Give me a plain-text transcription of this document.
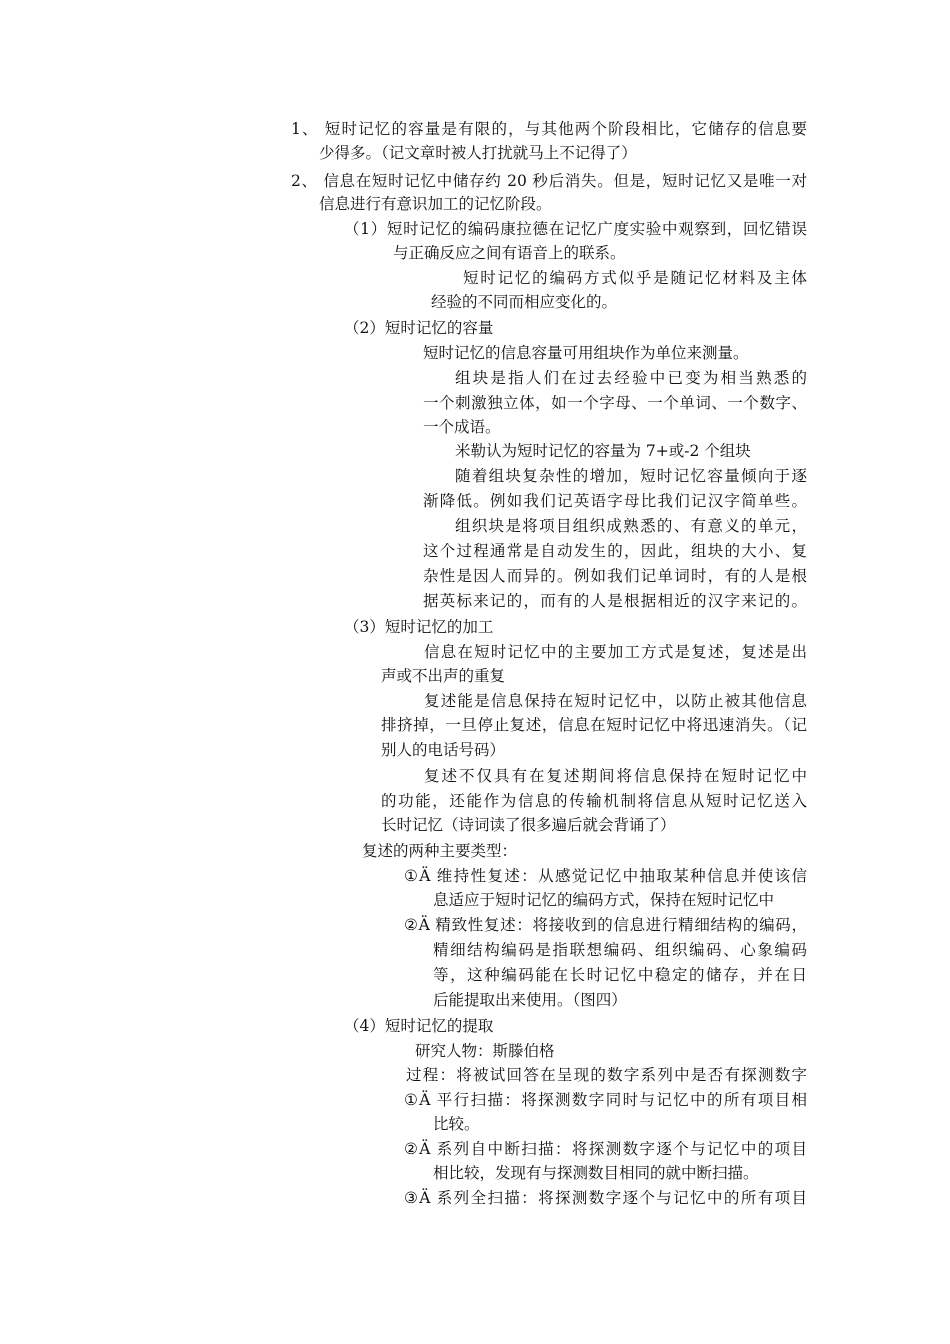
1、 短时记忆的容量是有限的，与其他两个阶段相比，它储存的信息要
少得多。（记文章时被人打扰就马上不记得了）
2、 信息在短时记忆中储存约 20 秒后消失。但是，短时记忆又是唯一对
信息进行有意识加工的记忆阶段。
（1）短时记忆的编码康拉德在记忆广度实验中观察到，回忆错误
与正确反应之间有语音上的联系。
短时记忆的编码方式似乎是随记忆材料及主体
经验的不同而相应变化的。
（2）短时记忆的容量
短时记忆的信息容量可用组块作为单位来测量。
组块是指人们在过去经验中已变为相当熟悉的
一个刺激独立体，如一个字母、一个单词、一个数字、
一个成语。
米勒认为短时记忆的容量为 7+或-2 个组块
随着组块复杂性的增加，短时记忆容量倾向于逐
渐降低。例如我们记英语字母比我们记汉字简单些。
组织块是将项目组织成熟悉的、有意义的单元，
这个过程通常是自动发生的，因此，组块的大小、复
杂性是因人而异的。例如我们记单词时，有的人是根
据英标来记的，而有的人是根据相近的汉字来记的。
（3）短时记忆的加工
信息在短时记忆中的主要加工方式是复述，复述是出
声或不出声的重复
复述能是信息保持在短时记忆中，以防止被其他信息
排挤掉，一旦停止复述，信息在短时记忆中将迅速消失。（记
别人的电话号码）
复述不仅具有在复述期间将信息保持在短时记忆中
的功能，还能作为信息的传输机制将信息从短时记忆送入
长时记忆（诗词读了很多遍后就会背诵了）
复述的两种主要类型：
①Ä 维持性复述：从感觉记忆中抽取某种信息并使该信
息适应于短时记忆的编码方式，保持在短时记忆中
②Ä 精致性复述：将接收到的信息进行精细结构的编码，
精细结构编码是指联想编码、组织编码、心象编码
等，这种编码能在长时记忆中稳定的储存，并在日
后能提取出来使用。（图四）
（4）短时记忆的提取
研究人物：斯滕伯格
过程：将被试回答在呈现的数字系列中是否有探测数字
①Ä 平行扫描：将探测数字同时与记忆中的所有项目相
比较。
②Ä 系列自中断扫描：将探测数字逐个与记忆中的项目
相比较，发现有与探测数目相同的就中断扫描。
③Ä 系列全扫描：将探测数字逐个与记忆中的所有项目
